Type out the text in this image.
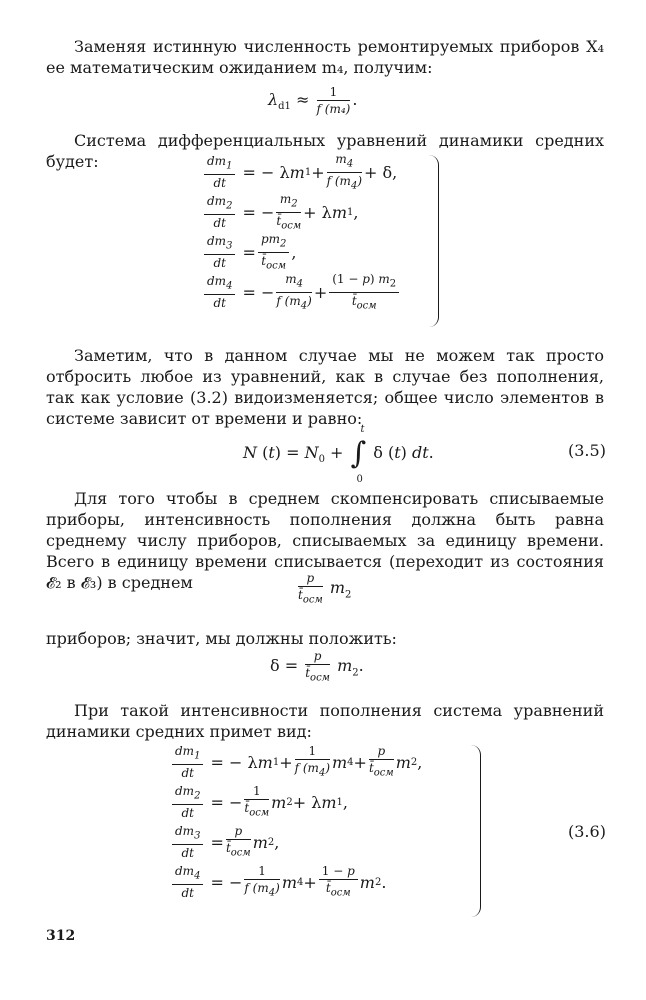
Заменяя истинную численность ремонтируемых приборов X₄ ее математическим ожиданием m₄, получим:

$\lambda_{d1} \approx \frac{1}{\text{f (m₄)}}$ .

Система дифференциальных уравнений динамики средних будет:	$\frac{dm_1}{dt}$ = − λ m $1 + \frac{m_4}{f (m_4)} + \delta$,
$\frac{dm_2}{dt}$ = − $\frac{m_2}{t̄_{осм}} + \lambda$ m 1 ,
$\frac{dm_3}{dt} = \frac{pm_2}{t̄_{осм}}$ ,
$\frac{dm_4}{dt}$ = − $\frac{m_4}{f (m_4)} + \frac{(1 - p) m_2}{t̄_{осм}}$

Заметим, что в данном случае мы не можем так просто отбросить любое из уравнений, как в случае без пополнения, так как условие (3.2) видоизменяется; общее число элементов в системе зависит от времени и равно:

N $(t) = N_0$ + ∫
t
0
δ (t) dt.	(3.5)

Для того чтобы в среднем скомпенсировать списываемые приборы, интенсивность пополнения должна быть равна среднему числу приборов, списываемых за единицу времени. Всего в единицу времени списывается (переходит из состояния 𝓔₂ в 𝓔₃) в среднем	$\frac{p}{t̄_{осм}} m_2$

приборов; значит, мы должны положить:

$\delta = \frac{p}{t̄_{осм}} m_2$.

При такой интенсивности пополнения система уравнений динамики средних примет вид:

$\frac{dm_1}{dt}$ = − λ m $1 + \frac{1}{f (m_4)}$ m $4 + \frac{p}{t̄_{осм}}$ m 2 ,
$\frac{dm_2}{dt}$ = − $\frac{1}{t̄_{осм}}$ m 2 + λ m 1 ,
$\frac{dm_3}{dt} = \frac{p}{t̄_{осм}}$ m 2 ,
$\frac{dm_4}{dt}$ = − $\frac{1}{f (m_4)}$ m $4 + \frac{1 - p}{t̄_{осм}}$ m 2 .
(3.6)
312
